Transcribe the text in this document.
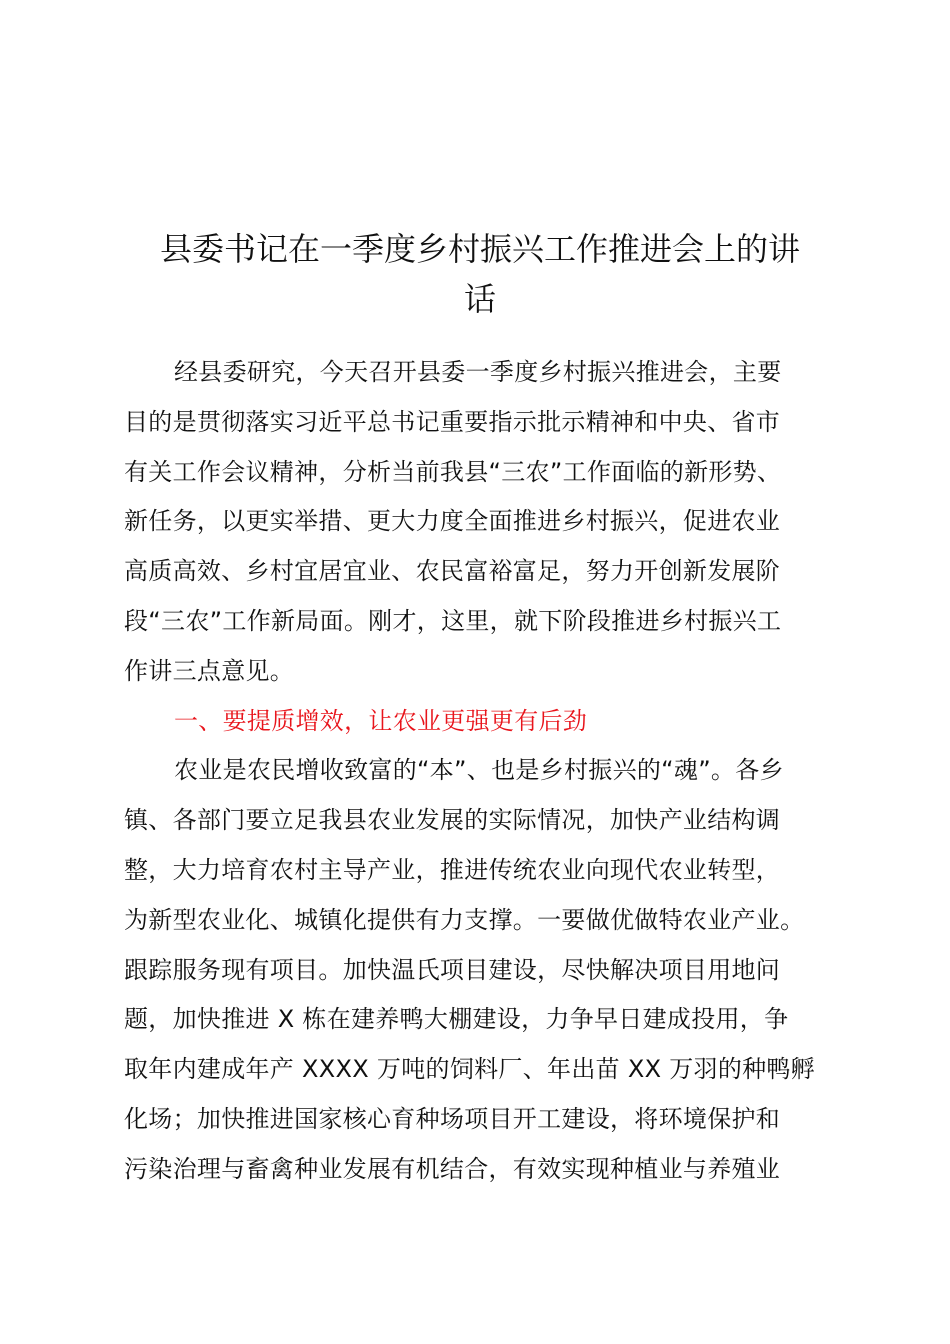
县委书记在一季度乡村振兴工作推进会上的讲
话
经县委研究，今天召开县委一季度乡村振兴推进会，主要
目的是贯彻落实习近平总书记重要指示批示精神和中央、省市
有关工作会议精神，分析当前我县“三农”工作面临的新形势、
新任务，以更实举措、更大力度全面推进乡村振兴，促进农业
高质高效、乡村宜居宜业、农民富裕富足，努力开创新发展阶
段“三农”工作新局面。刚才，这里，就下阶段推进乡村振兴工
作讲三点意见。
一、要提质增效，让农业更强更有后劲
农业是农民增收致富的“本”、也是乡村振兴的“魂”。各乡
镇、各部门要立足我县农业发展的实际情况，加快产业结构调
整，大力培育农村主导产业，推进传统农业向现代农业转型，
为新型农业化、城镇化提供有力支撑。一要做优做特农业产业。
跟踪服务现有项目。加快温氏项目建设，尽快解决项目用地问
题，加快推进 X 栋在建养鸭大棚建设，力争早日建成投用，争
取年内建成年产 XXXX 万吨的饲料厂、年出苗 XX 万羽的种鸭孵
化场；加快推进国家核心育种场项目开工建设，将环境保护和
污染治理与畜禽种业发展有机结合，有效实现种植业与养殖业
